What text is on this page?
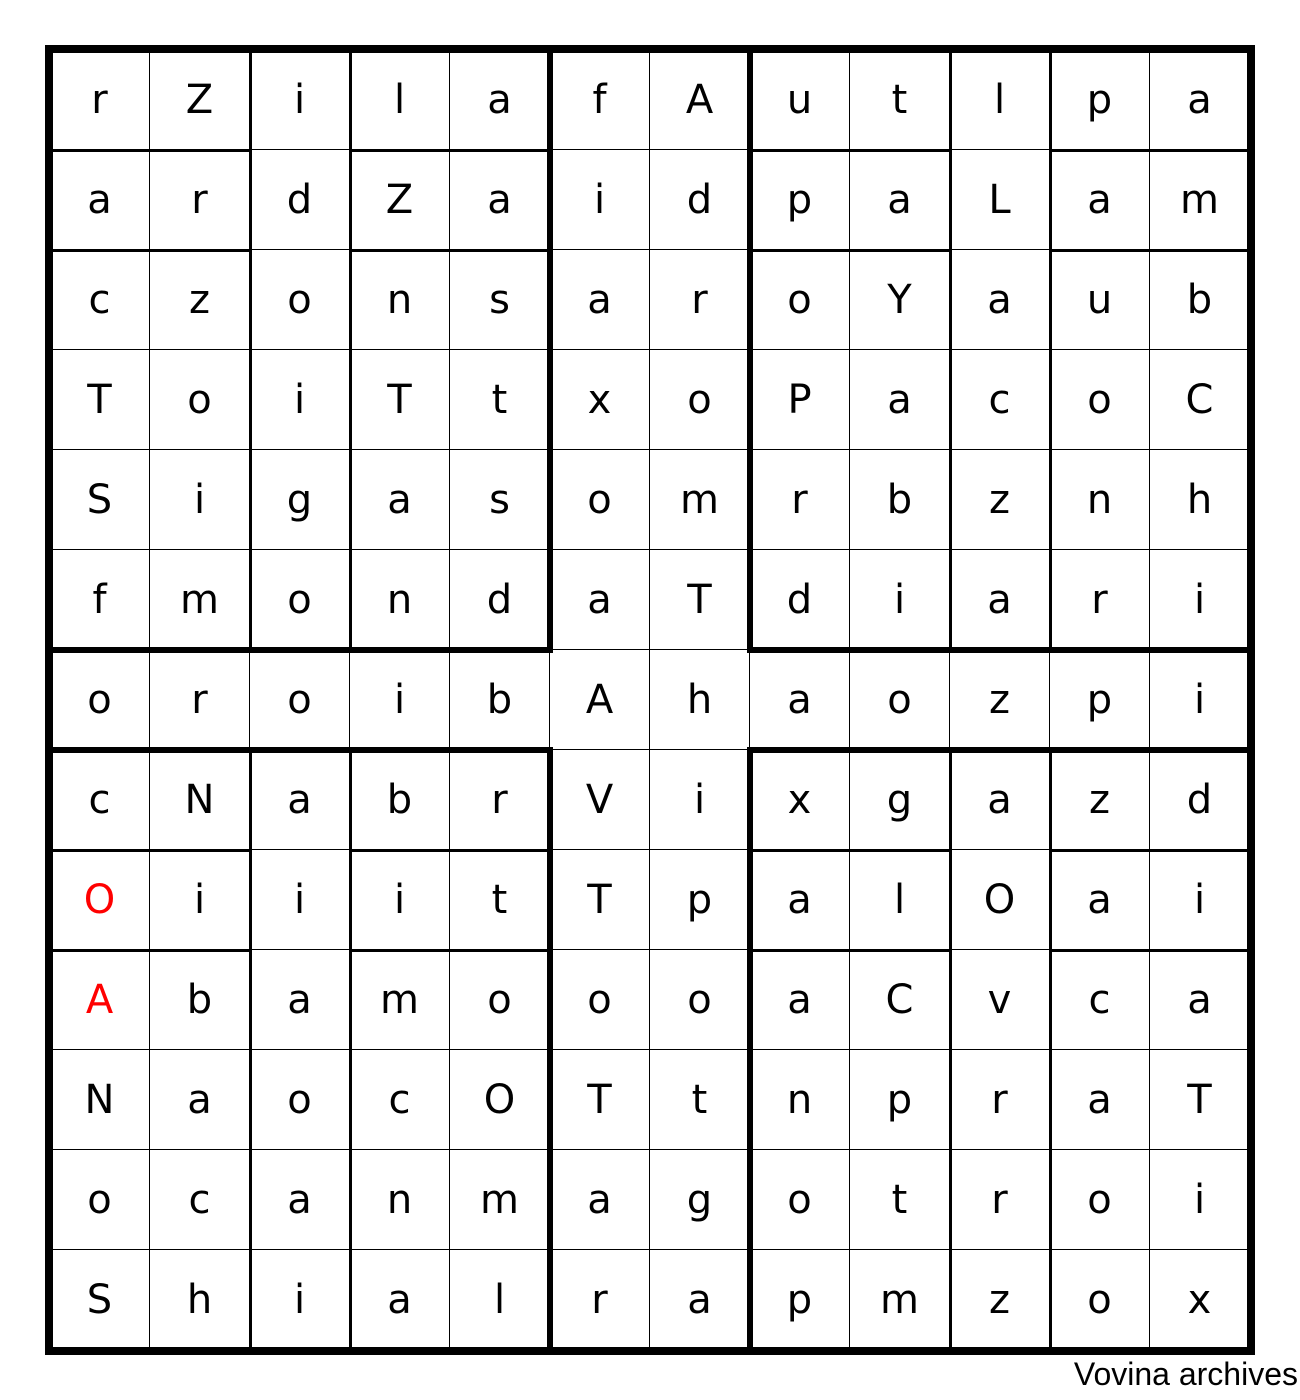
r	Z	i	l	a	f	A	u	t	l	p	a
a	r	d	Z	a	i	d	p	a	L	a	m
c	z	o	n	s	a	r	o	Y	a	u	b
T	o	i	T	t	x	o	P	a	c	o	C
S	i	g	a	s	o	m	r	b	z	n	h
f	m	o	n	d	a	T	d	i	a	r	i
o	r	o	i	b	A	h	a	o	z	p	i
c	N	a	b	r	V	i	x	g	a	z	d
O	i	i	i	t	T	p	a	l	O	a	i
A	b	a	m	o	o	o	a	C	v	c	a
N	a	o	c	O	T	t	n	p	r	a	T
o	c	a	n	m	a	g	o	t	r	o	i
S	h	i	a	l	r	a	p	m	z	o	x
Vovina archives
